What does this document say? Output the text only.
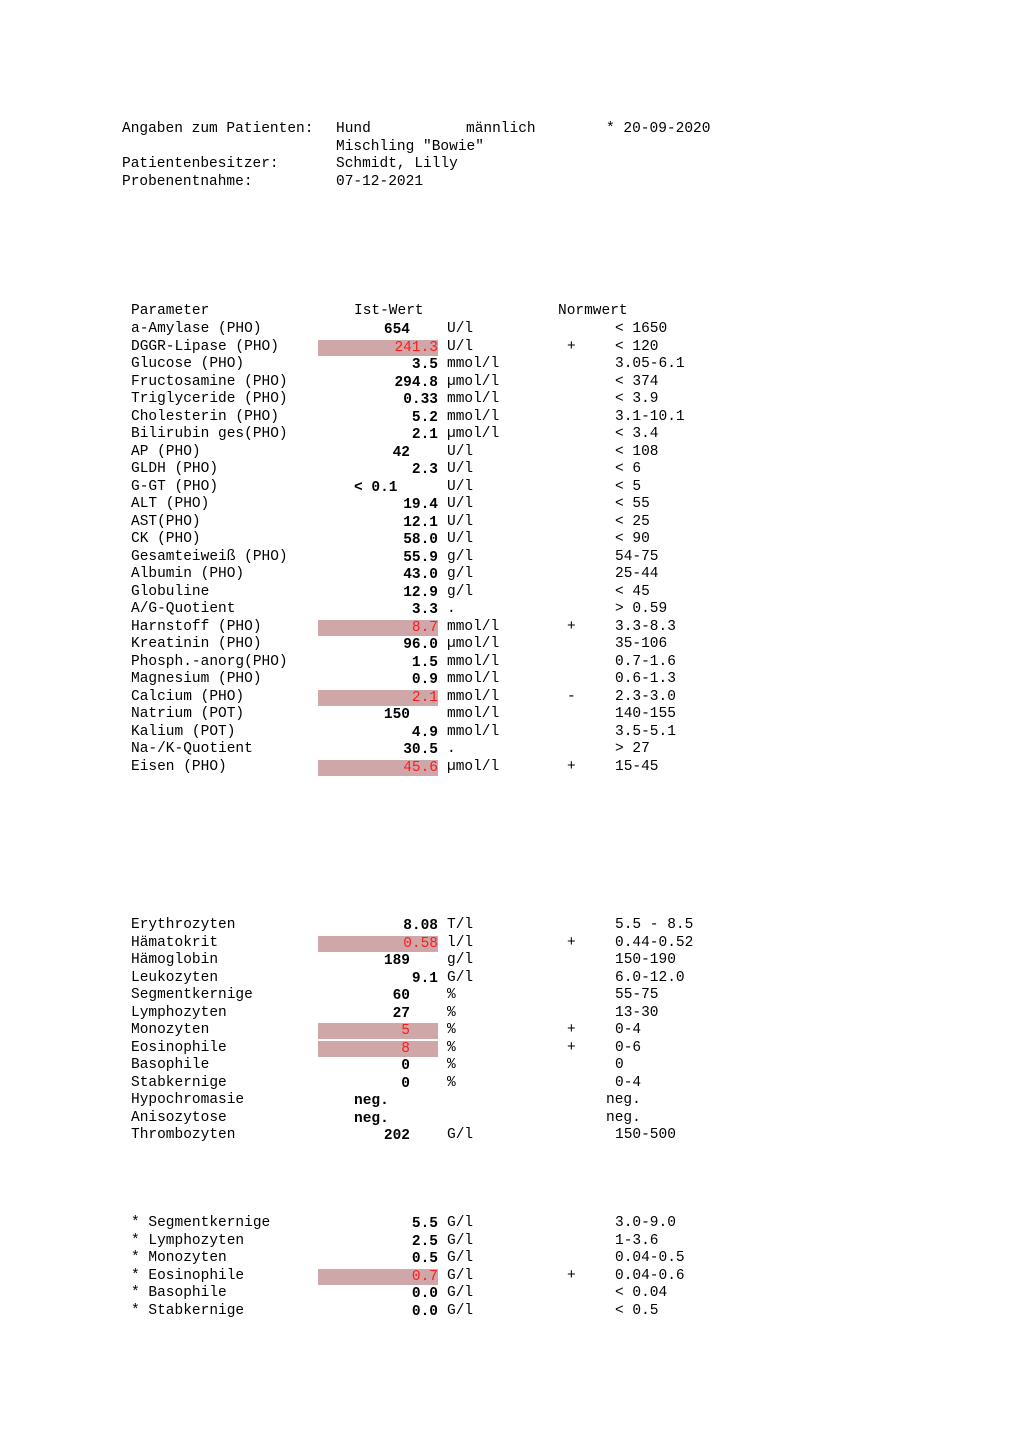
Angaben zum Patienten: Hund	männlich	* 20-09-2020
Mischling "Bowie"
Patientenbesitzer:	Schmidt, Lilly
Probenentnahme:	07-12-2021
Parameter	Ist-Wert	Normwert
a-Amylase (PHO)	654	U/l	< 1650
DGGR-Lipase (PHO)	241.3 U/l	+	< 120
Glucose (PHO)	3.5 mmol/l	3.05-6.1
Fructosamine (PHO)	294.8 µmol/l	< 374
Triglyceride (PHO)	0.33 mmol/l	< 3.9
Cholesterin (PHO)	5.2 mmol/l	3.1-10.1
Bilirubin ges(PHO)	2.1 µmol/l	< 3.4
AP (PHO)	42	U/l	< 108
GLDH (PHO)	2.3 U/l	< 6
G-GT (PHO)	< 0.1	U/l	< 5
ALT (PHO)	19.4 U/l	< 55
AST(PHO)	12.1 U/l	< 25
CK (PHO)	58.0 U/l	< 90
Gesamteiweiß (PHO)	55.9 g/l	54-75
Albumin (PHO)	43.0 g/l	25-44
Globuline	12.9 g/l	< 45
A/G-Quotient	3.3 .	> 0.59
Harnstoff (PHO)	8.7 mmol/l	+	3.3-8.3
Kreatinin (PHO)	96.0 µmol/l	35-106
Phosph.-anorg(PHO)	1.5 mmol/l	0.7-1.6
Magnesium (PHO)	0.9 mmol/l	0.6-1.3
Calcium (PHO)	2.1 mmol/l	-	2.3-3.0
Natrium (POT)	150	mmol/l	140-155
Kalium (POT)	4.9 mmol/l	3.5-5.1
Na-/K-Quotient	30.5 .	> 27
Eisen (PHO)	45.6 µmol/l	+	15-45
Erythrozyten	8.08 T/l	5.5 - 8.5
Hämatokrit	0.58 l/l	+	0.44-0.52
Hämoglobin	189	g/l	150-190
Leukozyten	9.1 G/l	6.0-12.0
Segmentkernige	60	%	55-75
Lymphozyten	27	%	13-30
Monozyten	5	%	+	0-4
Eosinophile	8	%	+	0-6
Basophile	0	%	0
Stabkernige	0	%	0-4
Hypochromasie	neg.	neg.
Anisozytose	neg.	neg.
Thrombozyten	202	G/l	150-500
* Segmentkernige	5.5 G/l	3.0-9.0
* Lymphozyten	2.5 G/l	1-3.6
* Monozyten	0.5 G/l	0.04-0.5
* Eosinophile	0.7 G/l	+	0.04-0.6
* Basophile	0.0 G/l	< 0.04
* Stabkernige	0.0 G/l	< 0.5
